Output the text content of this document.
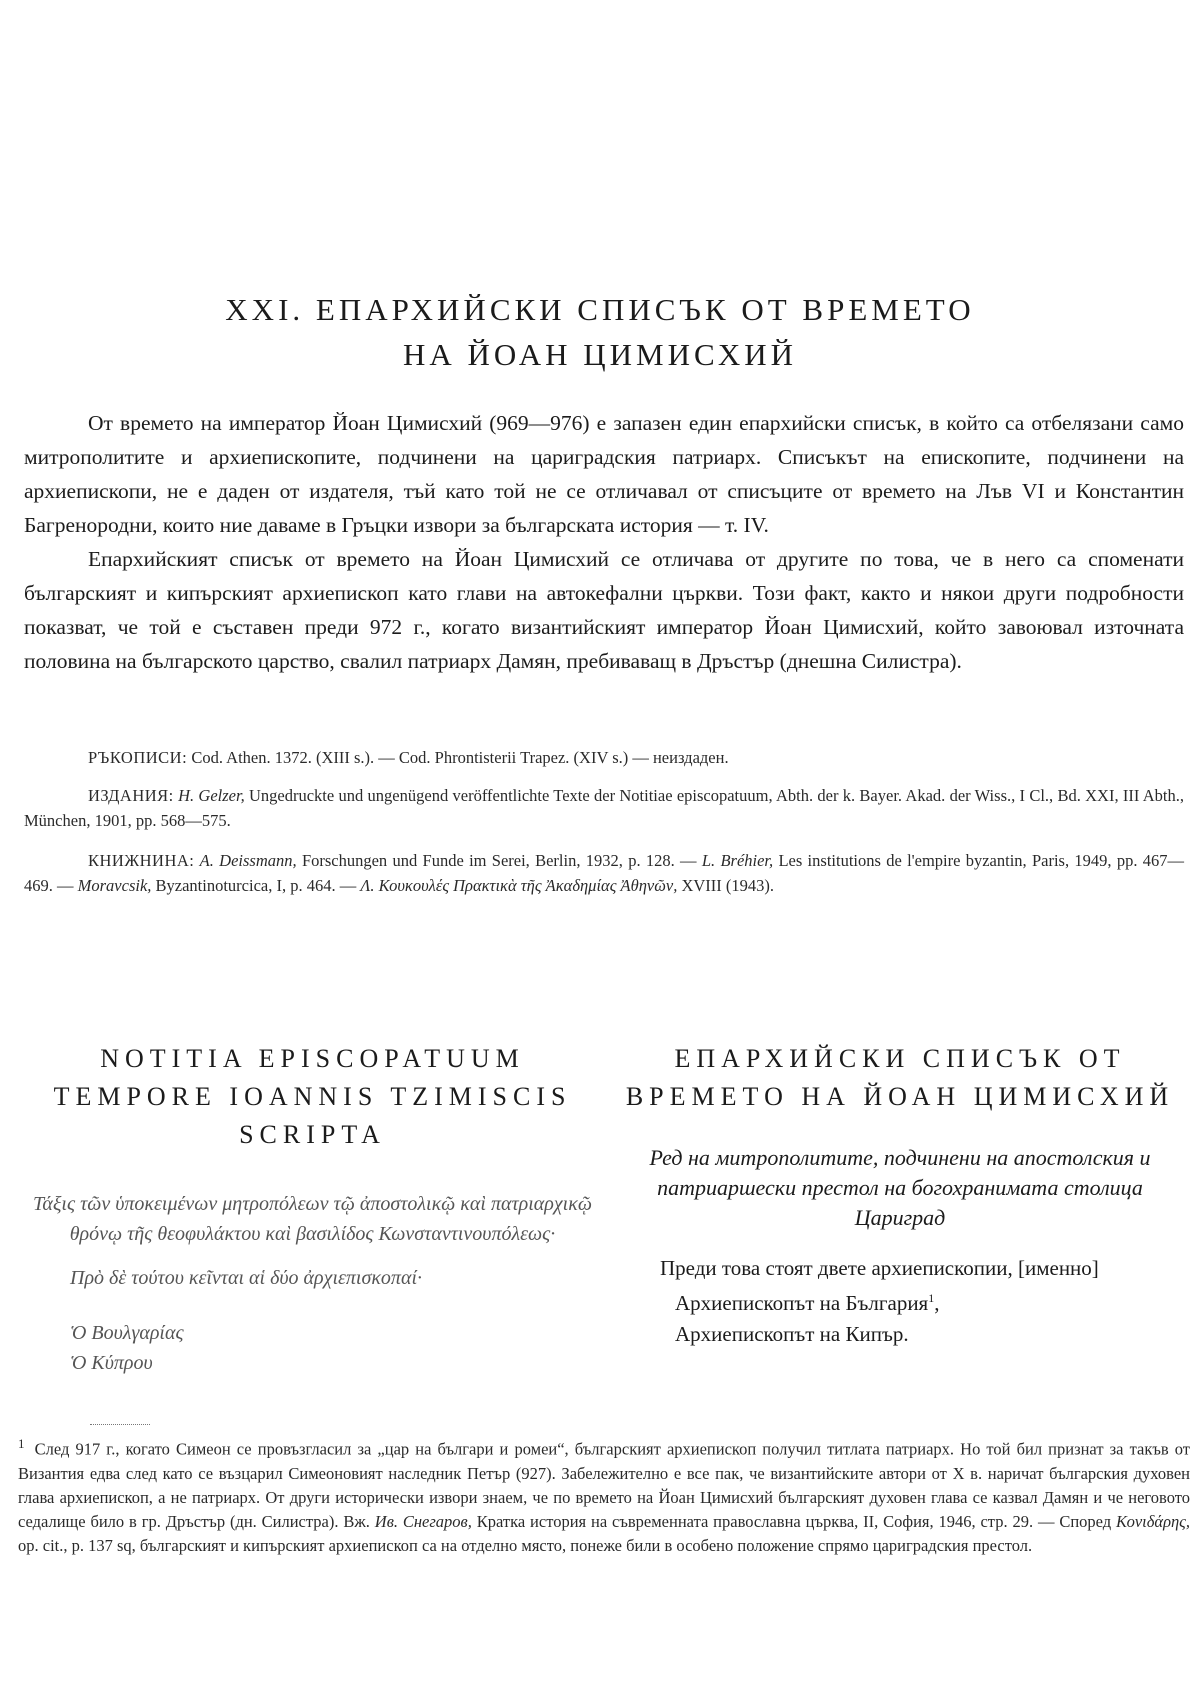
XXI. ЕПАРХИЙСКИ СПИСЪК ОТ ВРЕМЕТО
НА ЙОАН ЦИМИСХИЙ

От времето на император Йоан Цимисхий (969—976) е запазен един епархийски списък, в който са отбелязани само митрополитите и архиепископите, подчинени на цариградския патриарх. Списъкът на епископите, подчинени на архиепископи, не е даден от издателя, тъй като той не се отличавал от списъците от времето на Лъв VI и Константин Багренородни, които ние даваме в Гръцки извори за българската история — т. IV.

Епархийският списък от времето на Йоан Цимисхий се отличава от другите по това, че в него са споменати българският и кипърският архиепископ като глави на автокефални църкви. Този факт, както и някои други подробности показват, че той е съставен преди 972 г., когато византийският император Йоан Цимисхий, който завоювал източната половина на българското царство, свалил патриарх Дамян, пребиваващ в Дръстър (днешна Силистра).

РЪКОПИСИ: Cod. Athen. 1372. (XIII s.). — Cod. Phrontisterii Trapez. (XIV s.) — неиздаден.

ИЗДАНИЯ: H. Gelzer, Ungedruckte und ungenügend veröffentlichte Texte der Notitiae episcopatuum, Abth. der k. Bayer. Akad. der Wiss., I Cl., Bd. XXI, III Abth., München, 1901, pp. 568—575.

КНИЖНИНА: A. Deissmann, Forschungen und Funde im Serei, Berlin, 1932, p. 128. — L. Bréhier, Les institutions de l'empire byzantin, Paris, 1949, pp. 467—469. — Moravcsik, Byzantinoturcica, I, p. 464. — Λ. Κουκουλές Πρακτικὰ τῆς Ἀκαδημίας Ἀθηνῶν, XVIII (1943).

NOTITIA EPISCOPATUUM TEMPORE IOANNIS TZIMISCIS SCRIPTA

Τάξις τῶν ὑποκειμένων μητροπόλεων τῷ ἀποστολικῷ καὶ πατριαρχικῷ θρόνῳ τῆς θεοφυλάκτου καὶ βασιλίδος Κωνσταντινουπόλεως·

Πρὸ δὲ τούτου κεῖνται αἱ δύο ἀρχιεπισκοπαί·

Ὁ Βουλγαρίας

Ὁ Κύπρου

ЕПАРХИЙСКИ СПИСЪК ОТ ВРЕМЕТО НА ЙОАН ЦИМИСХИЙ

Ред на митрополитите, подчинени на апостолския и патриаршески престол на богохранимата столица Цариград

Преди това стоят двете архиепископии, [именно]

Архиепископът на България$^1$,

Архиепископът на Кипър.

$^1$ След 917 г., когато Симеон се провъзгласил за „цар на българи и ромеи“, българският архиепископ получил титлата патриарх. Но той бил признат за такъв от Византия едва след като се възцарил Симеоновият наследник Петър (927). Забележително е все пак, че византийските автори от X в. наричат българския духовен глава архиепископ, а не патриарх. От други исторически извори знаем, че по времето на Йоан Цимисхий българският духовен глава се казвал Дамян и че неговото седалище било в гр. Дръстър (дн. Силистра). Вж. Ив. Снегаров, Кратка история на съвременната православна църква, II, София, 1946, стр. 29. — Според Κονιδάρης, op. cit., p. 137 sq, българският и кипърският архиепископ са на отделно място, понеже били в особено положение спрямо цариградския престол.
